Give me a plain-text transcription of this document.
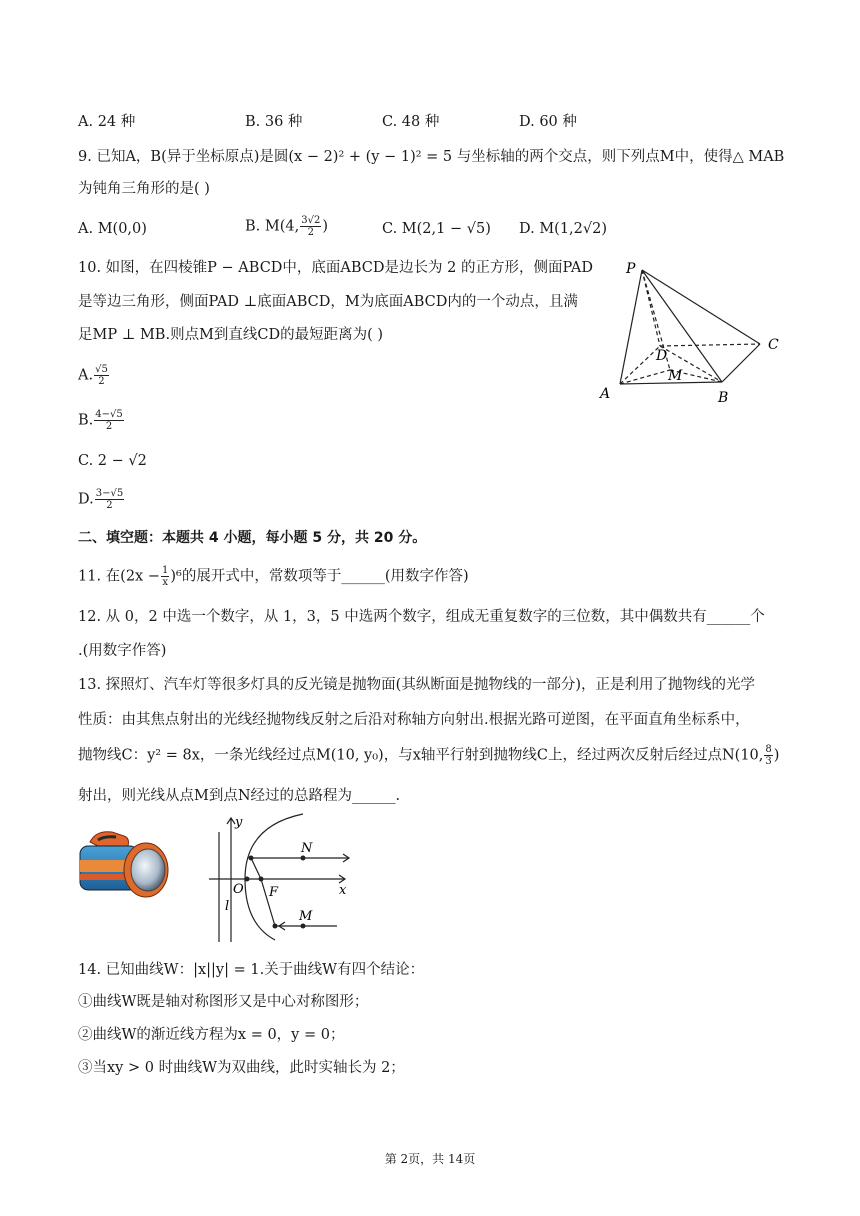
A. 24 种	B. 36 种	C. 48 种	D. 60 种
9. 已知A，B(异于坐标原点)是圆(x − 2)² + (y − 1)² = 5 与坐标轴的两个交点，则下列点M中，使得△ MAB
为钝角三角形的是( )
A. M(0,0)	B. M(4, $\frac{3√2}{2}$ )	C. M(2,1 − √5) D. M(1,2√2)
10. 如图，在四棱锥P − ABCD中，底面ABCD是边长为 2 的正方形，侧面PAD
是等边三角形，侧面PAD ⊥底面ABCD，M为底面ABCD内的一个动点，且满
足MP ⊥ MB.则点M到直线CD的最短距离为( )
A. $\frac{√5}{2}$
B. $\frac{4-√5}{2}$
C. 2 − √2
D. $\frac{3-√5}{2}$
P
A	B
C
D
M
二、填空题：本题共 4 小题，每小题 5 分，共 20 分。
11. 在$(2x - \frac{1}{x} )^6$的展开式中，常数项等于______(用数字作答)
12. 从 0，2 中选一个数字，从 1，3，5 中选两个数字，组成无重复数字的三位数，其中偶数共有______个
.(用数字作答)
13. 探照灯、汽车灯等很多灯具的反光镜是抛物面(其纵断面是抛物线的一部分)，正是利用了抛物线的光学
性质：由其焦点射出的光线经抛物线反射之后沿对称轴方向射出.根据光路可逆图，在平面直角坐标系中，
抛物线C：y² = 8x，一条光线经过点M(10, y₀)，与x轴平行射到抛物线C上，经过两次反射后经过点N(10, $\frac{8}{3}$ )
射出，则光线从点M到点N经过的总路程为______.
y
x
O F
N
M
l
14. 已知曲线W：|x||y| = 1.关于曲线W有四个结论：
①曲线W既是轴对称图形又是中心对称图形；
②曲线W的渐近线方程为x = 0，y = 0；
③当xy > 0 时曲线W为双曲线，此时实轴长为 2；
第 2页，共 14页
